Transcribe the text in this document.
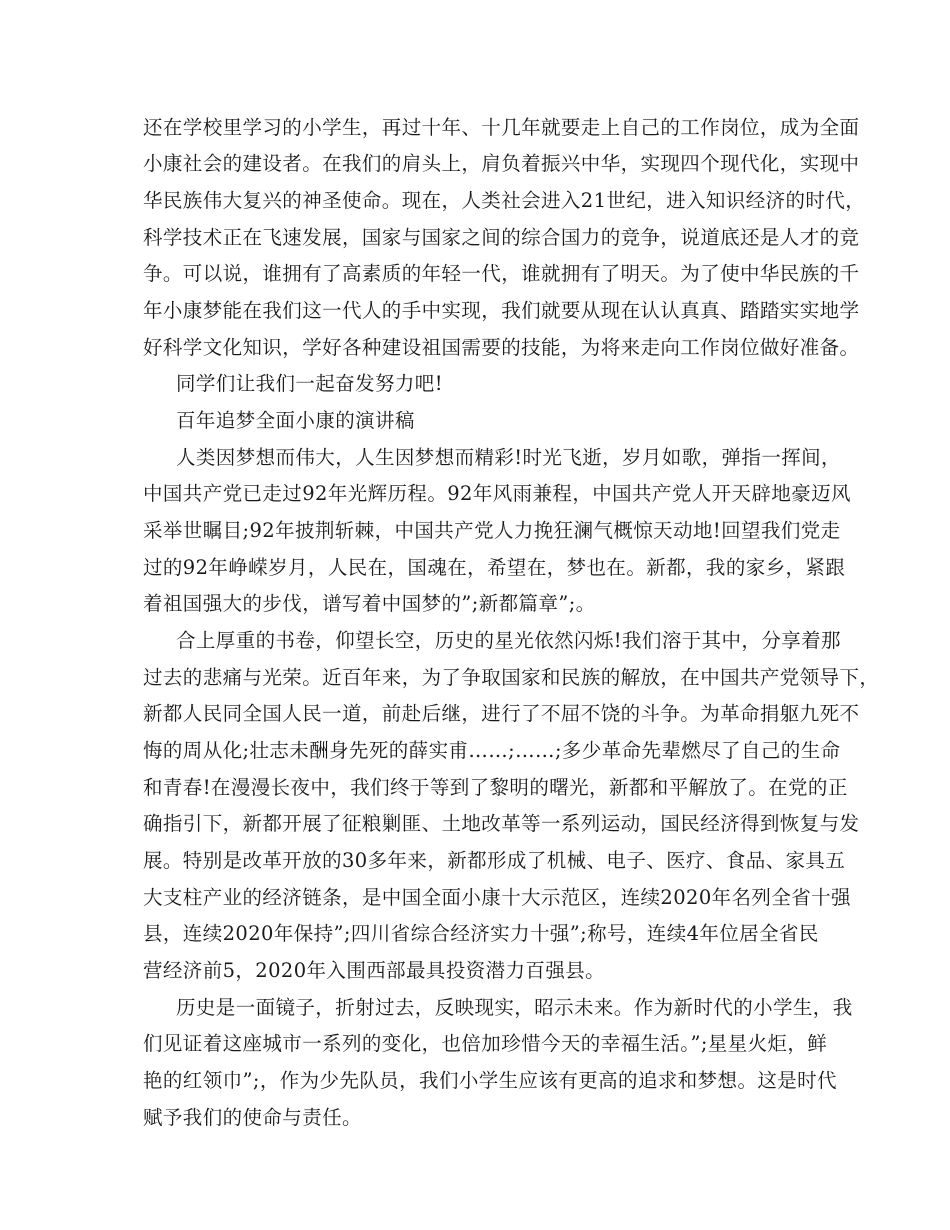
还在学校里学习的小学生，再过十年、十几年就要走上自己的工作岗位，成为全面
小康社会的建设者。在我们的肩头上，肩负着振兴中华，实现四个现代化，实现中
华民族伟大复兴的神圣使命。现在，人类社会进入21世纪，进入知识经济的时代，
科学技术正在飞速发展，国家与国家之间的综合国力的竞争，说道底还是人才的竞
争。可以说，谁拥有了高素质的年轻一代，谁就拥有了明天。为了使中华民族的千
年小康梦能在我们这一代人的手中实现，我们就要从现在认认真真、踏踏实实地学
好科学文化知识，学好各种建设祖国需要的技能，为将来走向工作岗位做好准备。
同学们让我们一起奋发努力吧!
百年追梦全面小康的演讲稿
人类因梦想而伟大，人生因梦想而精彩!时光飞逝，岁月如歌，弹指一挥间，
中国共产党已走过92年光辉历程。92年风雨兼程，中国共产党人开天辟地豪迈风
采举世瞩目;92年披荆斩棘，中国共产党人力挽狂澜气概惊天动地!回望我们党走
过的92年峥嵘岁月，人民在，国魂在，希望在，梦也在。新都，我的家乡，紧跟
着祖国强大的步伐，谱写着中国梦的”;新都篇章”;。
合上厚重的书卷，仰望长空，历史的星光依然闪烁!我们溶于其中，分享着那
过去的悲痛与光荣。近百年来，为了争取国家和民族的解放，在中国共产党领导下，
新都人民同全国人民一道，前赴后继，进行了不屈不饶的斗争。为革命捐躯九死不
悔的周从化;壮志未酬身先死的薛实甫……;……;多少革命先辈燃尽了自己的生命
和青春!在漫漫长夜中，我们终于等到了黎明的曙光，新都和平解放了。在党的正
确指引下，新都开展了征粮剿匪、土地改革等一系列运动，国民经济得到恢复与发
展。特别是改革开放的30多年来，新都形成了机械、电子、医疗、食品、家具五
大支柱产业的经济链条，是中国全面小康十大示范区，连续2020年名列全省十强
县，连续2020年保持”;四川省综合经济实力十强”;称号，连续4年位居全省民
营经济前5，2020年入围西部最具投资潜力百强县。
历史是一面镜子，折射过去，反映现实，昭示未来。作为新时代的小学生，我
们见证着这座城市一系列的变化，也倍加珍惜今天的幸福生活。”;星星火炬，鲜
艳的红领巾”;，作为少先队员，我们小学生应该有更高的追求和梦想。这是时代
赋予我们的使命与责任。
